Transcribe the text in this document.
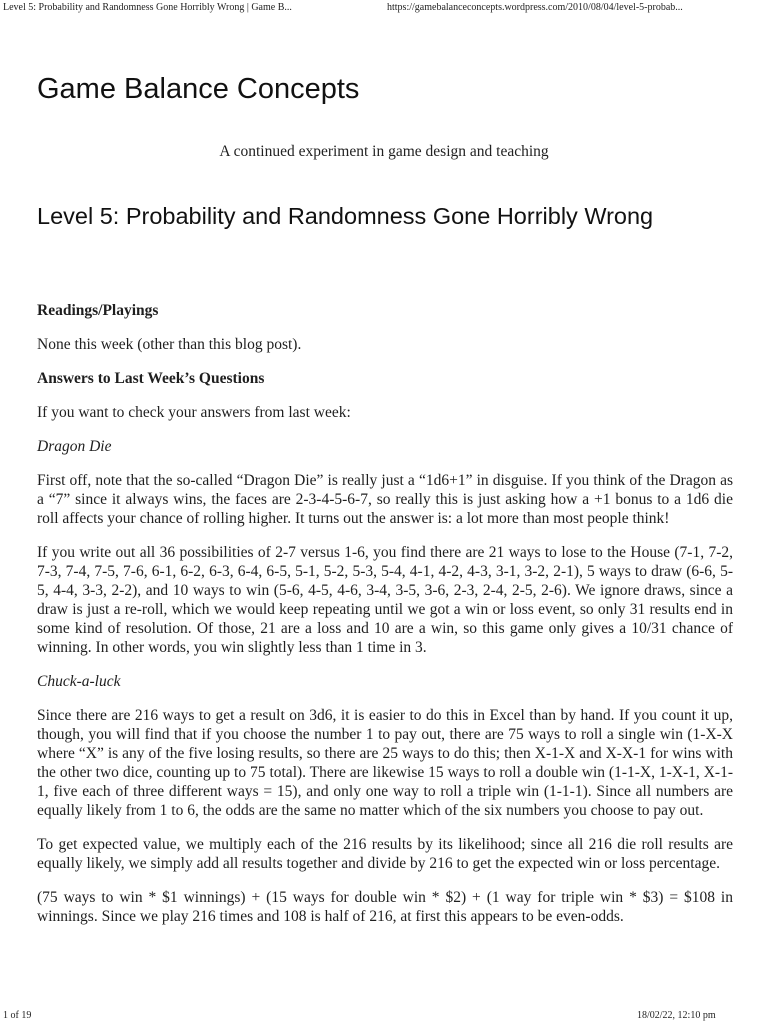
Level 5: Probability and Randomness Gone Horribly Wrong | Game B...	https://gamebalanceconcepts.wordpress.com/2010/08/04/level-5-probab...
Game Balance Concepts

A continued experiment in game design and teaching

Level 5: Probability and Randomness Gone Horribly Wrong

Readings/Playings

None this week (other than this blog post).

Answers to Last Week’s Questions

If you want to check your answers from last week:

Dragon Die

First off, note that the so-called “Dragon Die” is really just a “1d6+1” in disguise. If you think of the Dragon as a “7” since it always wins, the faces are 2-3-4-5-6-7, so really this is just asking how a +1 bonus to a 1d6 die roll affects your chance of rolling higher. It turns out the answer is: a lot more than most people think!

If you write out all 36 possibilities of 2-7 versus 1-6, you find there are 21 ways to lose to the House (7-1, 7-2, 7-3, 7-4, 7-5, 7-6, 6-1, 6-2, 6-3, 6-4, 6-5, 5-1, 5-2, 5-3, 5-4, 4-1, 4-2, 4-3, 3-1, 3-2, 2-1), 5 ways to draw (6-6, 5-5, 4-4, 3-3, 2-2), and 10 ways to win (5-6, 4-5, 4-6, 3-4, 3-5, 3-6, 2-3, 2-4, 2-5, 2-6). We ignore draws, since a draw is just a re-roll, which we would keep repeating until we got a win or loss event, so only 31 results end in some kind of resolution. Of those, 21 are a loss and 10 are a win, so this game only gives a 10/31 chance of winning. In other words, you win slightly less than 1 time in 3.

Chuck-a-luck

Since there are 216 ways to get a result on 3d6, it is easier to do this in Excel than by hand. If you count it up, though, you will find that if you choose the number 1 to pay out, there are 75 ways to roll a single win (1-X-X where “X” is any of the five losing results, so there are 25 ways to do this; then X-1-X and X-X-1 for wins with the other two dice, counting up to 75 total). There are likewise 15 ways to roll a double win (1-1-X, 1-X-1, X-1-1, five each of three different ways = 15), and only one way to roll a triple win (1-1-1). Since all numbers are equally likely from 1 to 6, the odds are the same no matter which of the six numbers you choose to pay out.

To get expected value, we multiply each of the 216 results by its likelihood; since all 216 die roll results are equally likely, we simply add all results together and divide by 216 to get the expected win or loss percentage.

(75 ways to win * $1 winnings) + (15 ways for double win * $2) + (1 way for triple win * $3) = $108 in winnings. Since we play 216 times and 108 is half of 216, at first this appears to be even-odds.

1 of 19	18/02/22, 12:10 pm
